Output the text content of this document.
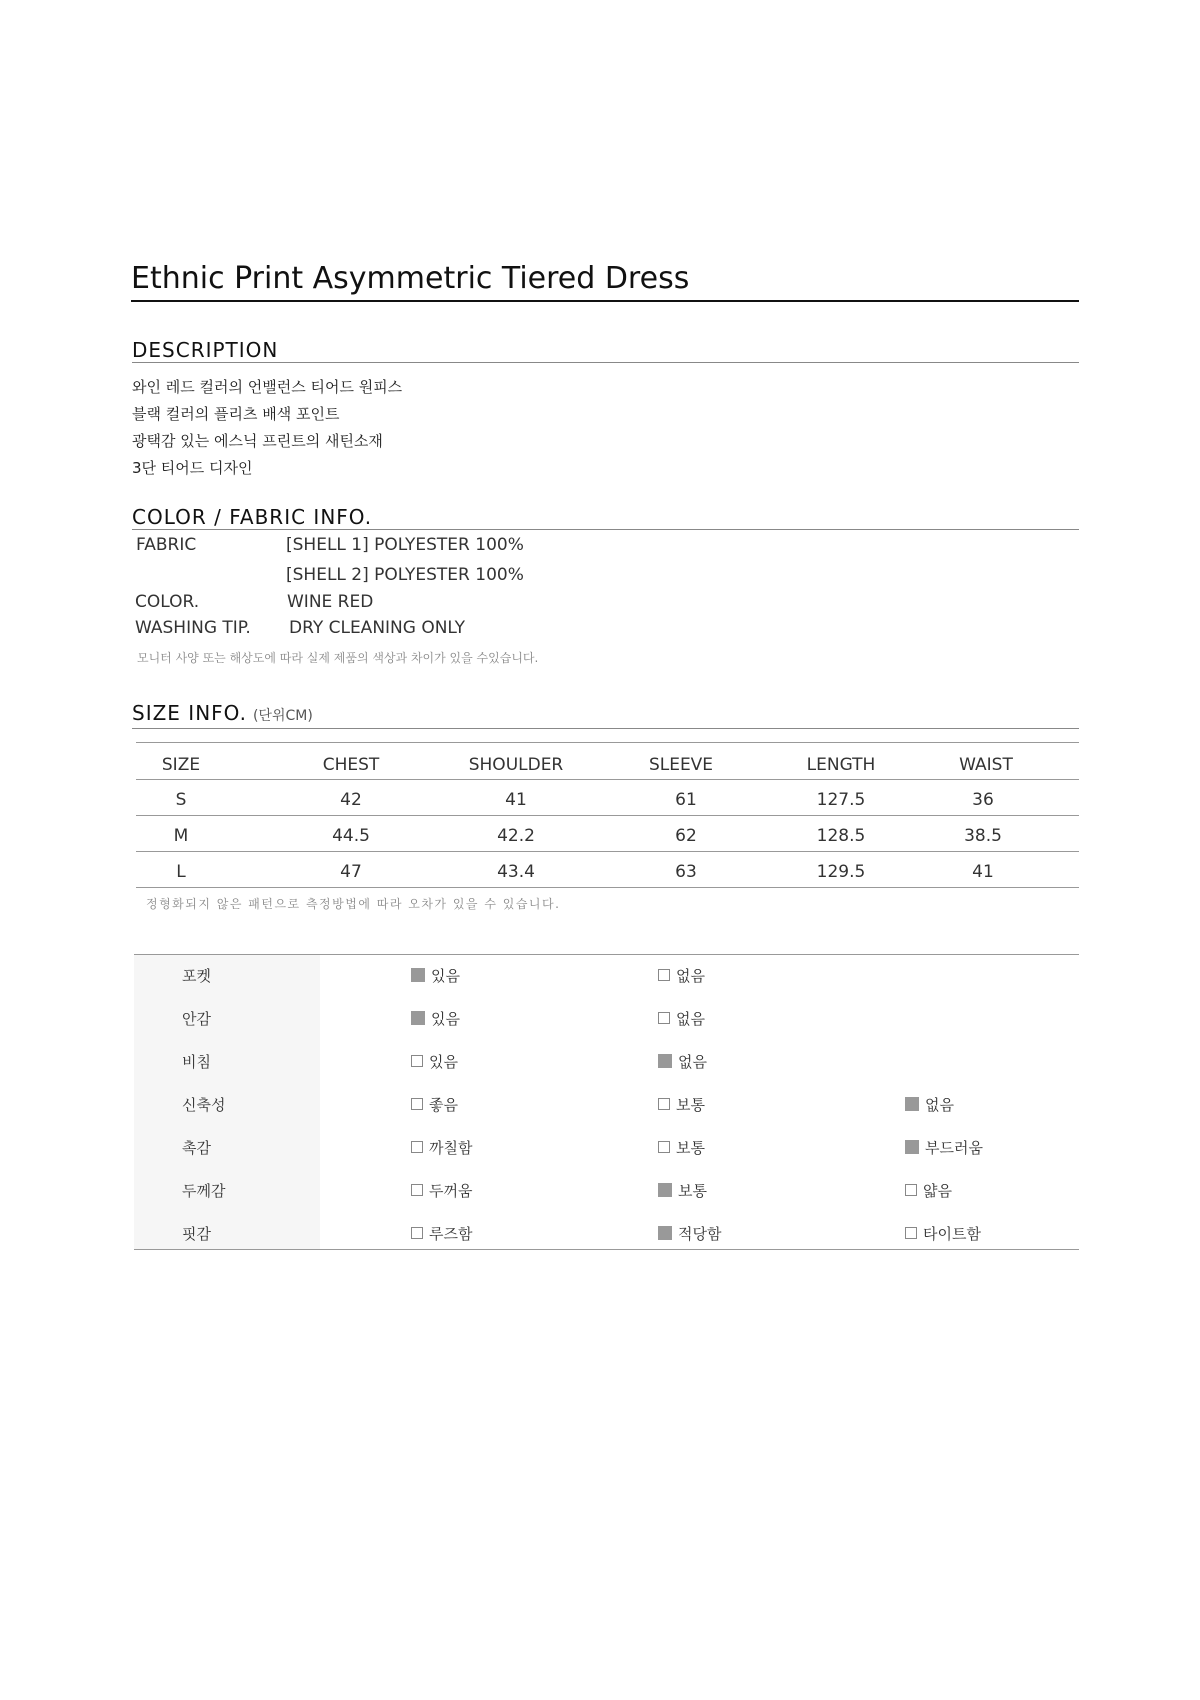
Ethnic Print Asymmetric Tiered Dress
DESCRIPTION
와인 레드 컬러의 언밸런스 티어드 원피스
블랙 컬러의 플리츠 배색 포인트
광택감 있는 에스닉 프린트의 새틴소재
3단 티어드 디자인
COLOR / FABRIC INFO.
FABRIC	[SHELL 1] POLYESTER 100%
[SHELL 2] POLYESTER 100%
COLOR.	WINE RED
WASHING TIP. DRY CLEANING ONLY
모니터 사양 또는 해상도에 따라 실제 제품의 색상과 차이가 있을 수있습니다.
SIZE INFO. (단위CM)
SIZE	CHEST	SHOULDER	SLEEVE	LENGTH	WAIST
S	42	41	61	127.5	36
M	44.5	42.2	62	128.5	38.5
L	47	43.4	63	129.5	41
정형화되지 않은 패턴으로 측정방법에 따라 오차가 있을 수 있습니다.
포켓	있음	없음
안감	있음	없음
비침	있음	없음
신축성	좋음	보통	없음
촉감	까칠함	보통	부드러움
두께감	두꺼움	보통	얇음
핏감	루즈함	적당함	타이트함
